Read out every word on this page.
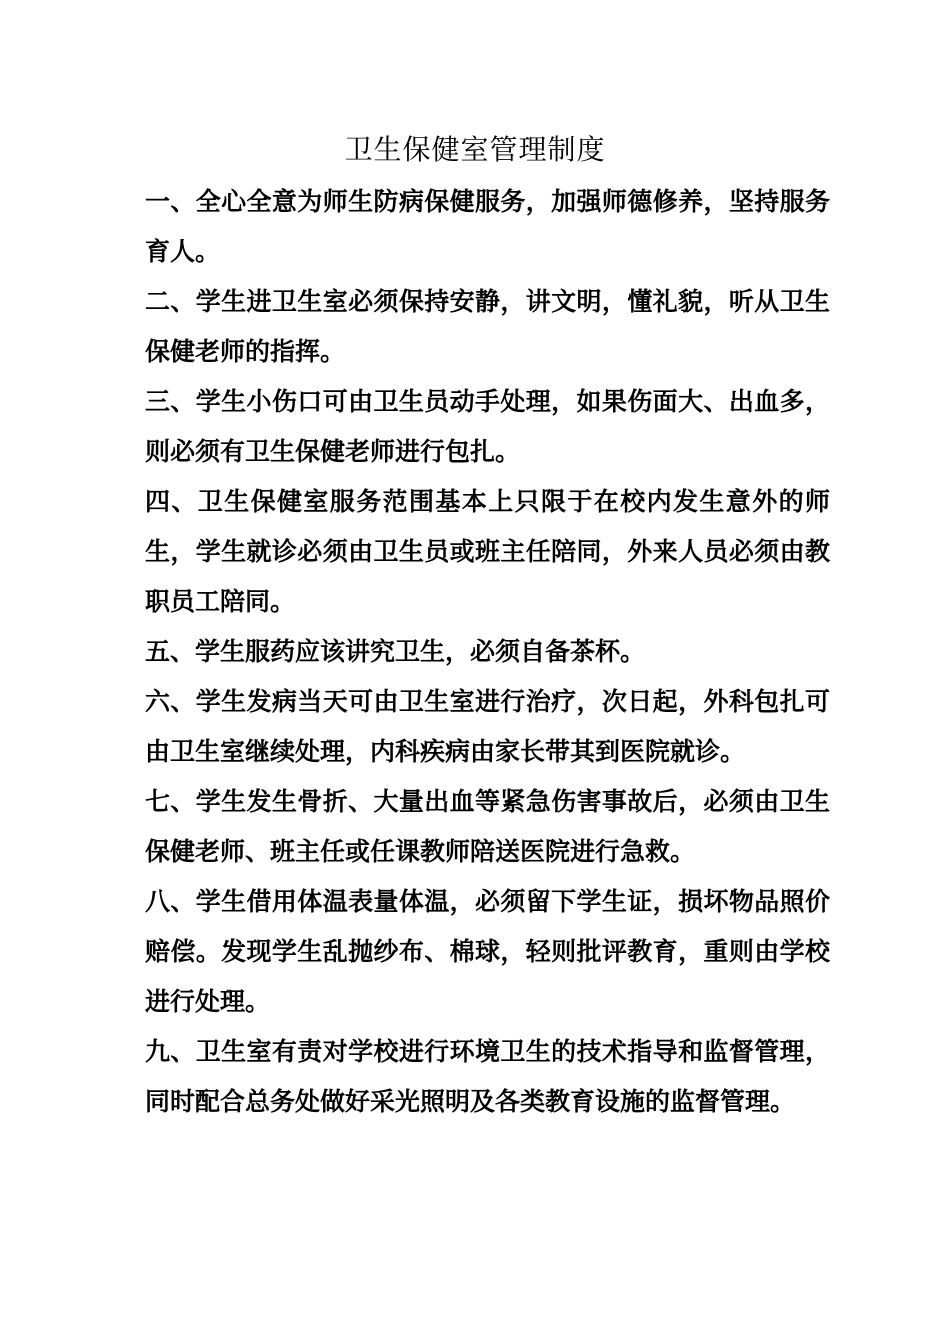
卫生保健室管理制度

一、全心全意为师生防病保健服务，加强师德修养，坚持服务育人。

二、学生进卫生室必须保持安静，讲文明，懂礼貌，听从卫生保健老师的指挥。

三、学生小伤口可由卫生员动手处理，如果伤面大、出血多，则必须有卫生保健老师进行包扎。

四、卫生保健室服务范围基本上只限于在校内发生意外的师生，学生就诊必须由卫生员或班主任陪同，外来人员必须由教职员工陪同。

五、学生服药应该讲究卫生，必须自备茶杯。

六、学生发病当天可由卫生室进行治疗，次日起，外科包扎可由卫生室继续处理，内科疾病由家长带其到医院就诊。

七、学生发生骨折、大量出血等紧急伤害事故后，必须由卫生保健老师、班主任或任课教师陪送医院进行急救。

八、学生借用体温表量体温，必须留下学生证，损坏物品照价赔偿。发现学生乱抛纱布、棉球，轻则批评教育，重则由学校进行处理。

九、卫生室有责对学校进行环境卫生的技术指导和监督管理，同时配合总务处做好采光照明及各类教育设施的监督管理。
